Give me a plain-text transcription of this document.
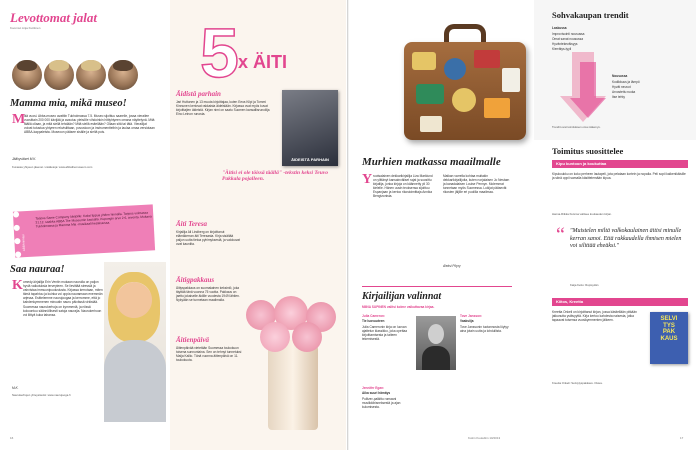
Levottomat jalat
Koonnut Anja Kuittinen
Mamma mia, mikä museo!
M
ikä vuosi. Abba-museo avattiin Tukholmassa 7.5. Museo sijoittuu saarelle, jossa vierailee vuosittain 200 000 kävijää ja avautuu yleisölle vihdoinkin hittiyhtyeen omana näyttelynä. Mitä täällä ollaan, ja mitä siellä tehdään? Mitä siellä esitellään? Ollaan sitä tai tätä. Vierailijat voivat tutustua yhtyeen rekvisiittaan, puvustoon ja instrumentteihin ja laulaa omaa versiotaan ABBA-kappaleista. Museoon pääsee sisälle ja sieltä pois.
Jäähyväiset M.K.
Kuvassa yhtyeen jäsenet. Lisätietoja: www.abbathemuseum.com
ABBAnimasi
Tarjous Same Company lukijoille: Kaksi lippua yhden hinnalla. Tarjous voimassa 31.12. saakka ABBA The Museumin kassalla. Kupongin arvo 2 €, arvonta. Mukana Tukholmassa ja Mamma Mia -musikaali kesäkuussa.
Saa nauraa!
K omedy-kirjailija Erin Ventin mukaan naurulla on paljon hyviä vaikutuksia terveyteen. Se lievittää stressiä ja vahvistaa immuunipuolustusta. Kirjassa kerrotaan, miten tämä tapahtuu ja kuinka voi oppia nauramaan enemmän arjessa. Esittelemme naurujoogaa ja kerromme, että jo kahdenkymmenen minuutin nauru päivässä virkistää. Suomessa naurukerhoja on kymmeniä, ja niissä kokoontuu säännöllisesti satoja naurajia. Naurukerhoon voi liittyä kuka tahansa.
M.K.
Naurukerhojen yhteystiedot: www.naurujooga.fi
16
5 x ÄITI
Äidistä parhain
Jari Huttunen ja 13 muuta kirjoittajaa, kuten Eeva Kilpi ja Tommi Kinnunen kertovat rakkaista äideistään. Kirjassa ovat myös kuvat kirjoittajien äideistä. Kirjan nimi on saatu Suomen kansallisrunoilija Eino Leinon runosta.
ÄIDEISTÄ PARHAIN
"Äitisi ei ole töissä täällä" -tekstin keksi Teuvo Pakkala pojalleen.
Äiti Teresa
Kirjailija Ali Lindberg on kirjoittanut elämäkerran äiti Teresasta. Kirja sisältää paljon uutta tietoa pyhimyksestä, ja valokuvat ovat kauniita.
Äitigpakkaus
Äitiyspakkaus on suomalainen keksintö, joka täyttää tänä vuonna 75 vuotta. Pakkaus on jaettu jokaiselle äidille vuodesta 1949 lähtien. Nykyään se tunnetaan maailmalla.
Äitienpäivä
Äitienpäivää vietetään Suomessa toukokuun toisena sunnuntaina. Sen on tehnyt tunnetuksi Maija Kallio. Tänä vuonna äitienpäivä on 11. toukokuuta.
Murhien matkassa maailmalle
Y ruotsalainen dekkarikirjailija Liza Marklund on ylittänyt kansainväliset rajat ja suosittu kirjailija, jonka kirjoja on käännetty yli 30 kielelle. Hänen uusin teoksensa sijoittuu Espanjaan ja kertoo rikostoimittaja Annika Bengtzonista.
Matkan varrella kohtaa muitakin dekkarikirjailijoita, kuten norjalaisen Jo Nesbøn ja kanadalaisen Louise Pennyn. Molemmat tunnetaan myös Suomessa. Lukijat pääsevät rikosten jäljille eri puolilla maailmaa.
Aleksi Pöyry
Kirjailijan valinnat
MIINA SUPINEN valitsi kolme vaikuttavaa kirjaa.
Julia Cameron:
Tie luovuuteen
Julia Cameronin kirja on luovan ajattelun klassikko, joka opettaa kirjoittamisesta ja taiteen tekemisestä.
Jennifer Egan:
Aika suuri hämäys
Pulitzer-palkittu romaani musiikkibisneksestä ja ajan kulumisesta.
Tove Jansson:
Vaaksiija
Tove Janssonin tuotannosta löytyy aina jotain uutta ja lohdullista.
Sohvakaupan trendit
Laskussa
Improvisointi nousussa
Omat sanat nousussa
Hyväntekeväisyys
Kierrätys-tyyli
Nousussa
Kodikkuus ja lämpö
Hyvät neuvot
Arvostettu ruoka
Itse tehty
Trendit ovat toimituksen oma näkemys.
Toimitus suosittelee
Kipu kuntoon ja koukuttaa
Kipukoukku on koko perheen lautapeli, jota pelataan kortein ja nopalla. Peli sopii kaikenikäisille ja siinä oppii samalla käsittelemään kipua.
Hanna-Riikka Kuisma valitsee kuukauden kirjan.
“ "Muistelen miltä valkokaulainen äitisi minulle kerran sanoi. Että rakkaudella ihmisen mielen voi silittää eheäksi."
Katja Kettu: Rupisydän
Kiitos, Kreetta
Kreetta Onkeli on kirjoittanut kirjan, jossa käsitellään pitkään jatkunutta ystävyyttä. Kirja kertoo kahdesta naisesta, jotka tapaavat toisensa vuosikymmenten jälkeen.
Kreetta Onkeli: Selviytyspakkaus. Otava.
SELVI TYS PAK KAUS
Kotiin Kuuleltiin 10/2013	17
